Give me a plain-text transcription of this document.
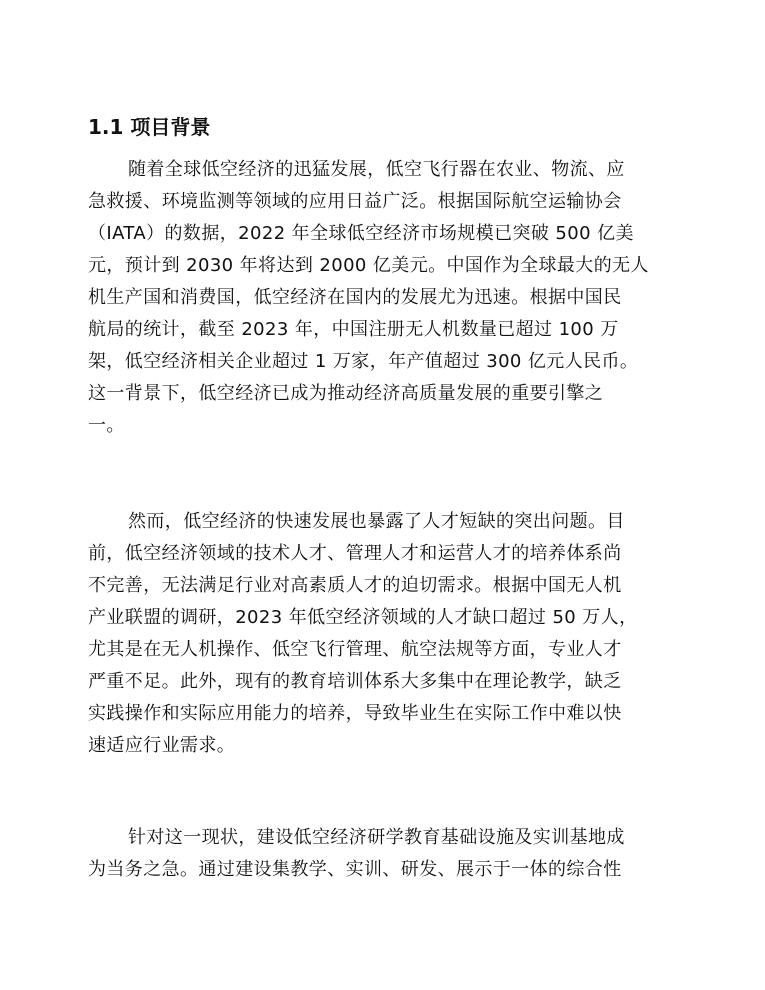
1.1 项目背景
随着全球低空经济的迅猛发展，低空飞行器在农业、物流、应
急救援、环境监测等领域的应用日益广泛。根据国际航空运输协会
（IATA）的数据，2022 年全球低空经济市场规模已突破 500 亿美
元，预计到 2030 年将达到 2000 亿美元。中国作为全球最大的无人
机生产国和消费国，低空经济在国内的发展尤为迅速。根据中国民
航局的统计，截至 2023 年，中国注册无人机数量已超过 100 万
架，低空经济相关企业超过 1 万家，年产值超过 300 亿元人民币。
这一背景下，低空经济已成为推动经济高质量发展的重要引擎之
一。
然而，低空经济的快速发展也暴露了人才短缺的突出问题。目
前，低空经济领域的技术人才、管理人才和运营人才的培养体系尚
不完善，无法满足行业对高素质人才的迫切需求。根据中国无人机
产业联盟的调研，2023 年低空经济领域的人才缺口超过 50 万人，
尤其是在无人机操作、低空飞行管理、航空法规等方面，专业人才
严重不足。此外，现有的教育培训体系大多集中在理论教学，缺乏
实践操作和实际应用能力的培养，导致毕业生在实际工作中难以快
速适应行业需求。
针对这一现状，建设低空经济研学教育基础设施及实训基地成
为当务之急。通过建设集教学、实训、研发、展示于一体的综合性
